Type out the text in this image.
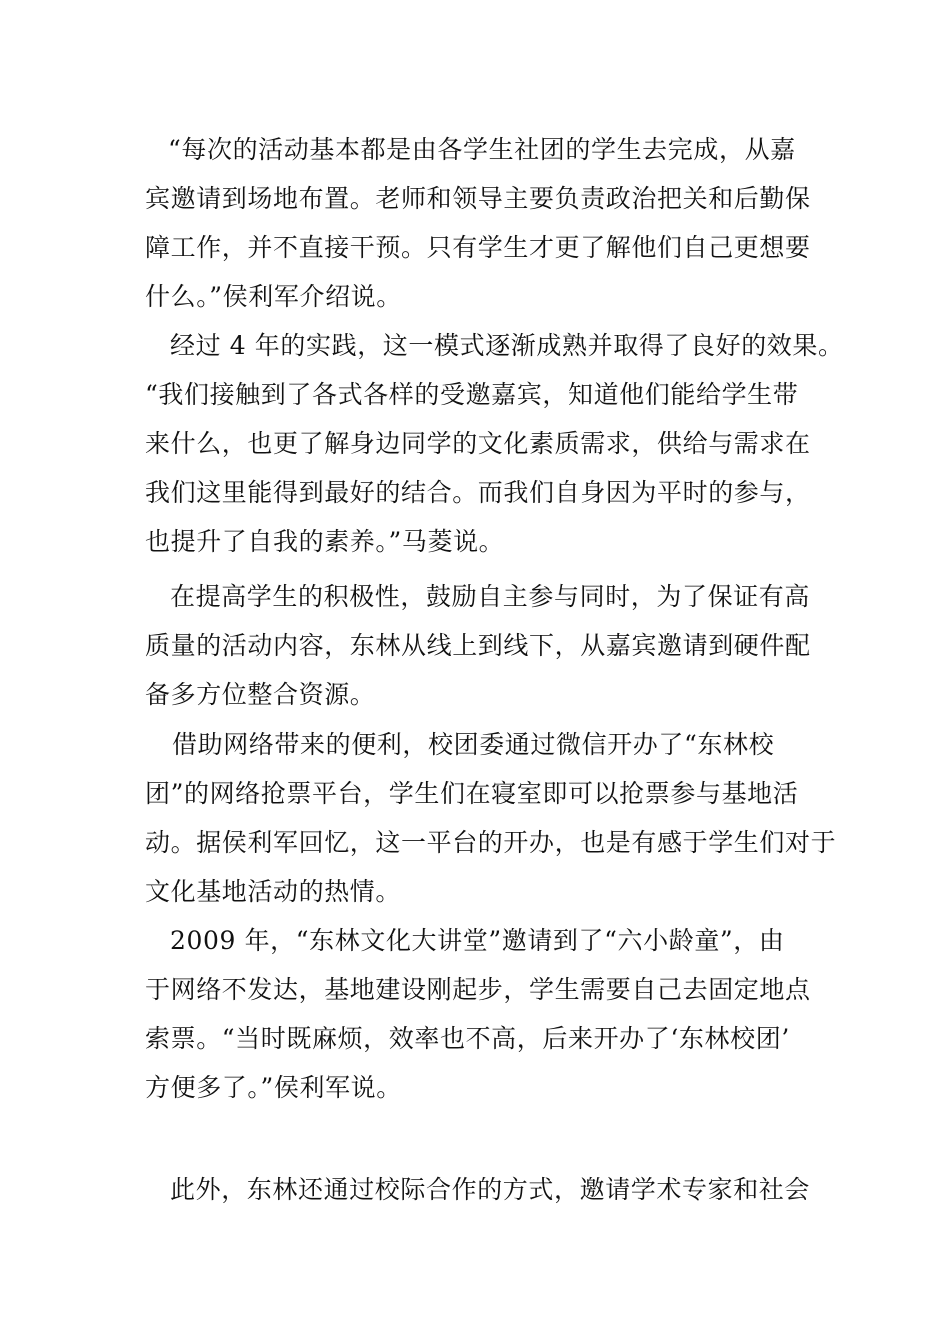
“每次的活动基本都是由各学生社团的学生去完成，从嘉
宾邀请到场地布置。老师和领导主要负责政治把关和后勤保
障工作，并不直接干预。只有学生才更了解他们自己更想要
什么。”侯利军介绍说。
经过 4 年的实践，这一模式逐渐成熟并取得了良好的效果。
“我们接触到了各式各样的受邀嘉宾，知道他们能给学生带
来什么，也更了解身边同学的文化素质需求，供给与需求在
我们这里能得到最好的结合。而我们自身因为平时的参与，
也提升了自我的素养。”马菱说。
在提高学生的积极性，鼓励自主参与同时，为了保证有高
质量的活动内容，东林从线上到线下，从嘉宾邀请到硬件配
备多方位整合资源。
借助网络带来的便利，校团委通过微信开办了“东林校
团”的网络抢票平台，学生们在寝室即可以抢票参与基地活
动。据侯利军回忆，这一平台的开办，也是有感于学生们对于
文化基地活动的热情。
2009 年，“东林文化大讲堂”邀请到了“六小龄童”，由
于网络不发达，基地建设刚起步，学生需要自己去固定地点
索票。“当时既麻烦，效率也不高，后来开办了‘东林校团’
方便多了。”侯利军说。
此外，东林还通过校际合作的方式，邀请学术专家和社会
